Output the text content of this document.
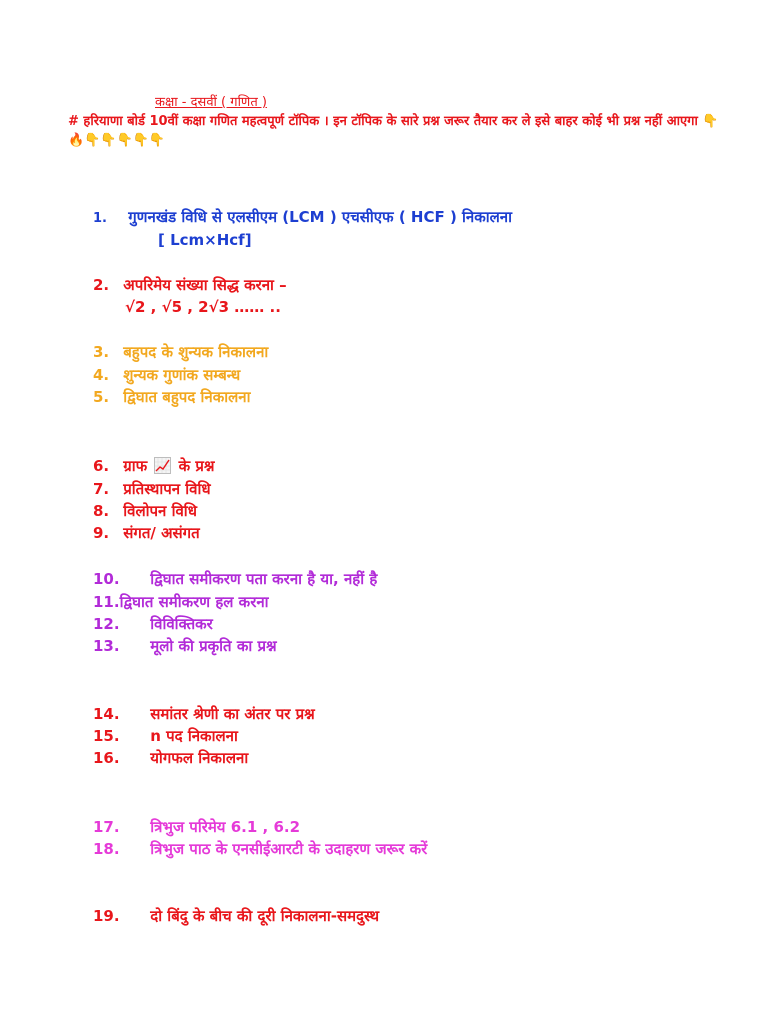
कक्षा - दसवीं ( गणित )
# हरियाणा बोर्ड 10वीं कक्षा गणित महत्वपूर्ण टॉपिक । इन टॉपिक के सारे प्रश्न जरूर तैयार कर ले इसे बाहर कोई भी प्रश्न नहीं आएगा 👇🔥👇👇👇👇👇
1. गुणनखंड विधि से एलसीएम (LCM ) एचसीएफ ( HCF ) निकालना
[ Lcm×Hcf]
2. अपरिमेय संख्या सिद्ध करना –
√2 , √5 , 2√3 …… ..
3. बहुपद के शुन्यक निकालना
4. शुन्यक गुणांक सम्बन्ध
5. द्विघात बहुपद निकालना
6. ग्राफ के प्रश्न
7. प्रतिस्थापन विधि
8. विलोपन विधि
9. संगत/ असंगत
10. द्विघात समीकरण पता करना है या, नहीं है
11.द्विघात समीकरण हल करना
12. विविक्तिकर
13. मूलो की प्रकृति का प्रश्न
14. समांतर श्रेणी का अंतर पर प्रश्न
15. n पद निकालना
16. योगफल निकालना
17. त्रिभुज परिमेय 6.1 , 6.2
18. त्रिभुज पाठ के एनसीईआरटी के उदाहरण जरूर करें
19. दो बिंदु के बीच की दूरी निकालना-समदुस्थ
